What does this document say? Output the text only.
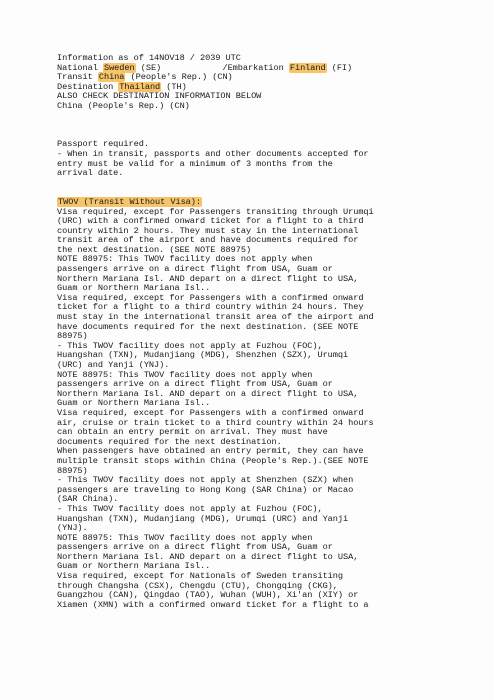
Information as of 14NOV18 / 2039 UTC
National Sweden (SE)            /Embarkation Finland (FI)
Transit China (People's Rep.) (CN)
Destination Thailand (TH)
ALSO CHECK DESTINATION INFORMATION BELOW
China (People's Rep.) (CN)
Passport required.
- When in transit, passports and other documents accepted for
entry must be valid for a minimum of 3 months from the
arrival date.
TWOV (Transit Without Visa):
Visa required, except for Passengers transiting through Urumqi
(URC) with a confirmed onward ticket for a flight to a third
country within 2 hours. They must stay in the international
transit area of the airport and have documents required for
the next destination. (SEE NOTE 88975)
NOTE 88975: This TWOV facility does not apply when
passengers arrive on a direct flight from USA, Guam or
Northern Mariana Isl. AND depart on a direct flight to USA,
Guam or Northern Mariana Isl..
Visa required, except for Passengers with a confirmed onward
ticket for a flight to a third country within 24 hours. They
must stay in the international transit area of the airport and
have documents required for the next destination. (SEE NOTE
88975)
- This TWOV facility does not apply at Fuzhou (FOC),
Huangshan (TXN), Mudanjiang (MDG), Shenzhen (SZX), Urumqi
(URC) and Yanji (YNJ).
NOTE 88975: This TWOV facility does not apply when
passengers arrive on a direct flight from USA, Guam or
Northern Mariana Isl. AND depart on a direct flight to USA,
Guam or Northern Mariana Isl..
Visa required, except for Passengers with a confirmed onward
air, cruise or train ticket to a third country within 24 hours
can obtain an entry permit on arrival. They must have
documents required for the next destination.
When passengers have obtained an entry permit, they can have
multiple transit stops within China (People's Rep.).(SEE NOTE
88975)
- This TWOV facility does not apply at Shenzhen (SZX) when
passengers are traveling to Hong Kong (SAR China) or Macao
(SAR China).
- This TWOV facility does not apply at Fuzhou (FOC),
Huangshan (TXN), Mudanjiang (MDG), Urumqi (URC) and Yanji
(YNJ).
NOTE 88975: This TWOV facility does not apply when
passengers arrive on a direct flight from USA, Guam or
Northern Mariana Isl. AND depart on a direct flight to USA,
Guam or Northern Mariana Isl..
Visa required, except for Nationals of Sweden transiting
through Changsha (CSX), Chengdu (CTU), Chongqing (CKG),
Guangzhou (CAN), Qingdao (TAO), Wuhan (WUH), Xi'an (XIY) or
Xiamen (XMN) with a confirmed onward ticket for a flight to a
